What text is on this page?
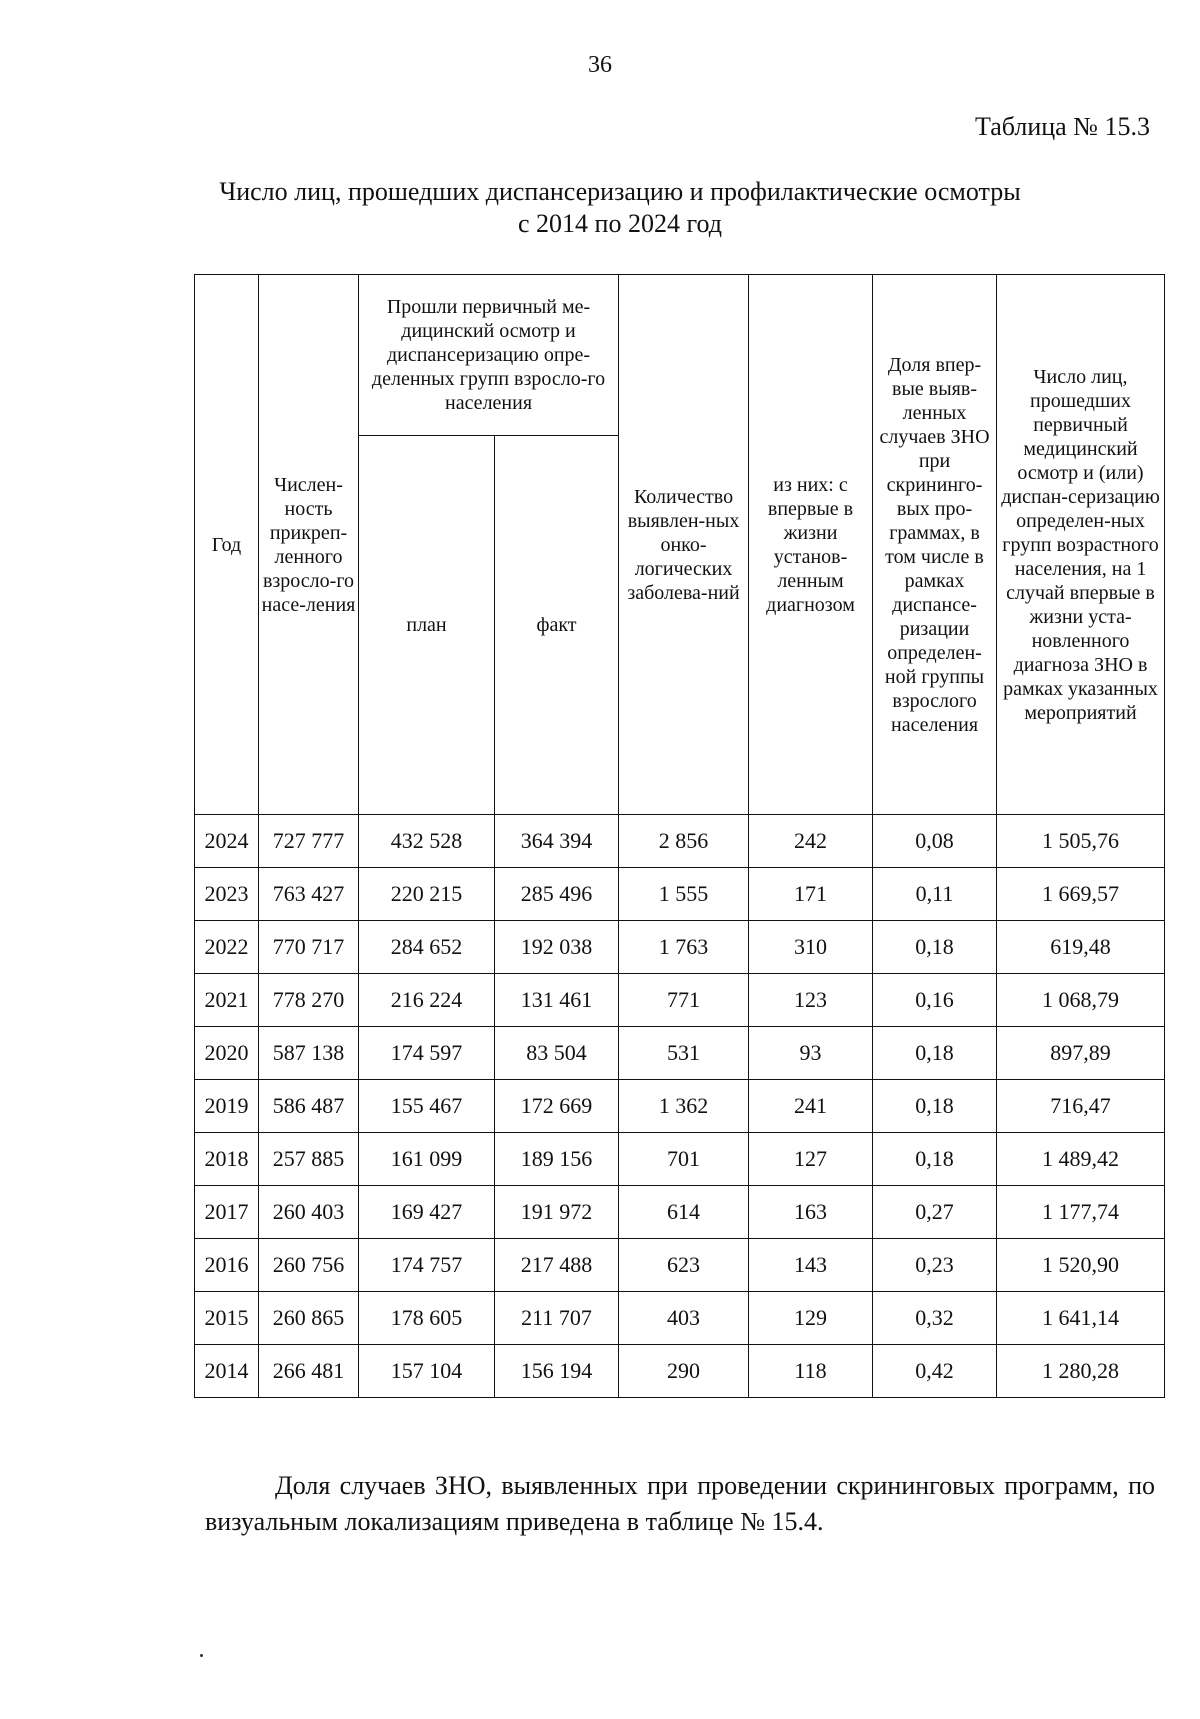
36
Таблица № 15.3
Число лиц, прошедших диспансеризацию и профилактические осмотры
с 2014 по 2024 год
Год	Числен-ность прикреп-ленного взросло-го насе-ления	Прошли первичный ме-дицинский осмотр и диспансеризацию опре-деленных групп взросло-го населения		Количество выявлен-ных онко-логических заболева-ний	из них: с впервые в жизни установ-ленным диагнозом	Доля впер-вые выяв-ленных случаев ЗНО при скрининго-вых про-граммах, в том числе в рамках диспансе-ризации определен-ной группы взрослого населения	Число лиц, прошедших первичный медицинский осмотр и (или) диспан-серизацию определен-ных групп возрастного населения, на 1 случай впервые в жизни уста-новленного диагноза ЗНО в рамках указанных мероприятий
		план	факт				
2024	727 777	432 528	364 394	2 856	242	0,08	1 505,76
2023	763 427	220 215	285 496	1 555	171	0,11	1 669,57
2022	770 717	284 652	192 038	1 763	310	0,18	619,48
2021	778 270	216 224	131 461	771	123	0,16	1 068,79
2020	587 138	174 597	83 504	531	93	0,18	897,89
2019	586 487	155 467	172 669	1 362	241	0,18	716,47
2018	257 885	161 099	189 156	701	127	0,18	1 489,42
2017	260 403	169 427	191 972	614	163	0,27	1 177,74
2016	260 756	174 757	217 488	623	143	0,23	1 520,90
2015	260 865	178 605	211 707	403	129	0,32	1 641,14
2014	266 481	157 104	156 194	290	118	0,42	1 280,28
Доля случаев ЗНО, выявленных при проведении скрининговых программ, по визуальным локализациям приведена в таблице № 15.4.
